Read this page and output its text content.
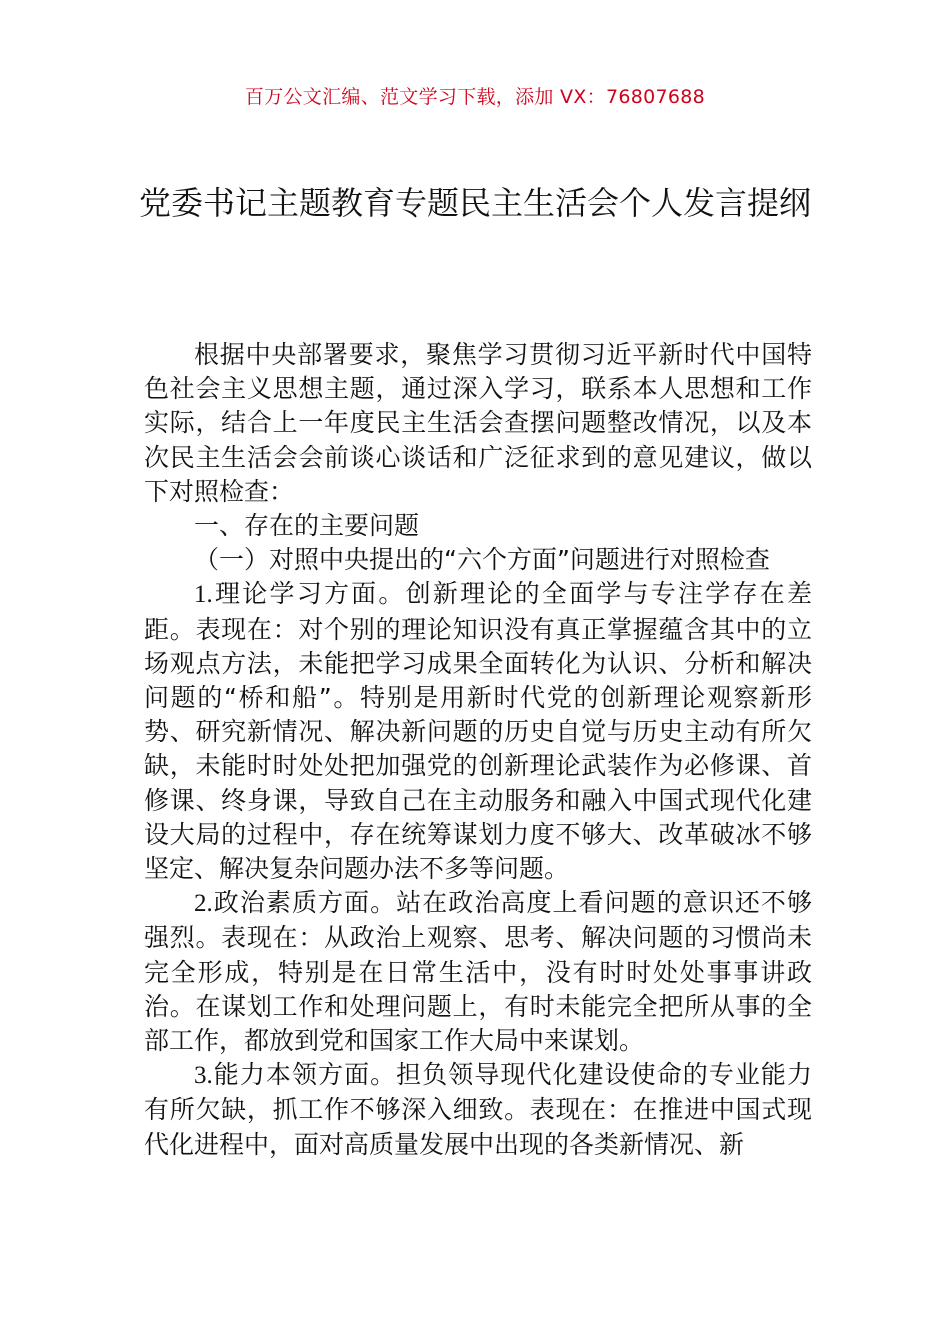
百万公文汇编、范文学习下载，添加 VX：76807688
党委书记主题教育专题民主生活会个人发言提纲

根据中央部署要求，聚焦学习贯彻习近平新时代中国特色社会主义思想主题，通过深入学习，联系本人思想和工作实际，结合上一年度民主生活会查摆问题整改情况，以及本次民主生活会会前谈心谈话和广泛征求到的意见建议，做以下对照检查：

一、存在的主要问题

（一）对照中央提出的“六个方面”问题进行对照检查

1.理论学习方面。创新理论的全面学与专注学存在差距。表现在：对个别的理论知识没有真正掌握蕴含其中的立场观点方法，未能把学习成果全面转化为认识、分析和解决问题的“桥和船”。特别是用新时代党的创新理论观察新形势、研究新情况、解决新问题的历史自觉与历史主动有所欠缺，未能时时处处把加强党的创新理论武装作为必修课、首修课、终身课，导致自己在主动服务和融入中国式现代化建设大局的过程中，存在统筹谋划力度不够大、改革破冰不够坚定、解决复杂问题办法不多等问题。

2.政治素质方面。站在政治高度上看问题的意识还不够强烈。表现在：从政治上观察、思考、解决问题的习惯尚未完全形成，特别是在日常生活中，没有时时处处事事讲政治。在谋划工作和处理问题上，有时未能完全把所从事的全部工作，都放到党和国家工作大局中来谋划。

3.能力本领方面。担负领导现代化建设使命的专业能力有所欠缺，抓工作不够深入细致。表现在：在推进中国式现代化进程中，面对高质量发展中出现的各类新情况、新
